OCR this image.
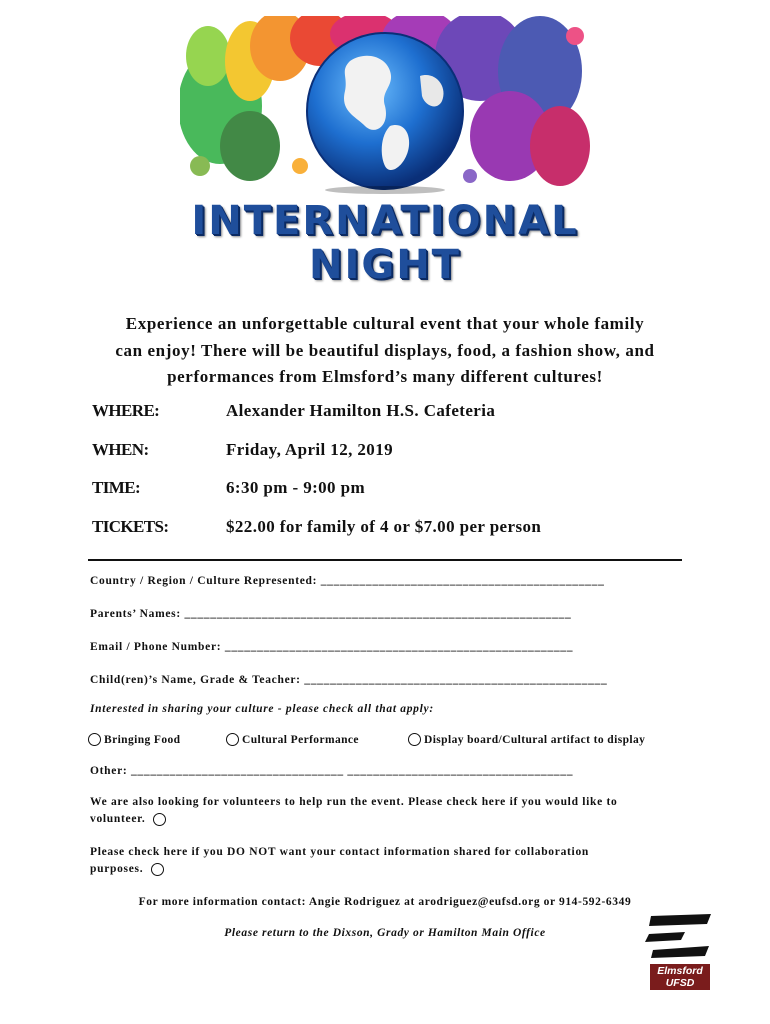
INTERNATIONAL
NIGHT
Experience an unforgettable cultural event that your whole family
can enjoy! There will be beautiful displays, food, a fashion show, and
performances from Elmsford’s many different cultures!
WHERE:	Alexander Hamilton H.S. Cafeteria
WHEN:	Friday, April 12, 2019
TIME:	6:30 pm - 9:00 pm
TICKETS:	$22.00 for family of 4 or $7.00 per person
Country / Region / Culture Represented: ____________________________________________
Parents’ Names: ____________________________________________________________
Email / Phone Number: ______________________________________________________
Child(ren)’s Name, Grade & Teacher: _______________________________________________
Interested in sharing your culture - please check all that apply:
Bringing Food	Cultural Performance	Display board/Cultural artifact to display
Other: _________________________________ ___________________________________
We are also looking for volunteers to help run the event. Please check here if you would like to
volunteer.
Please check here if you DO NOT want your contact information shared for collaboration
purposes.
For more information contact: Angie Rodriguez at arodriguez@eufsd.org or 914-592-6349
Please return to the Dixson, Grady or Hamilton Main Office
Elmsford
UFSD
